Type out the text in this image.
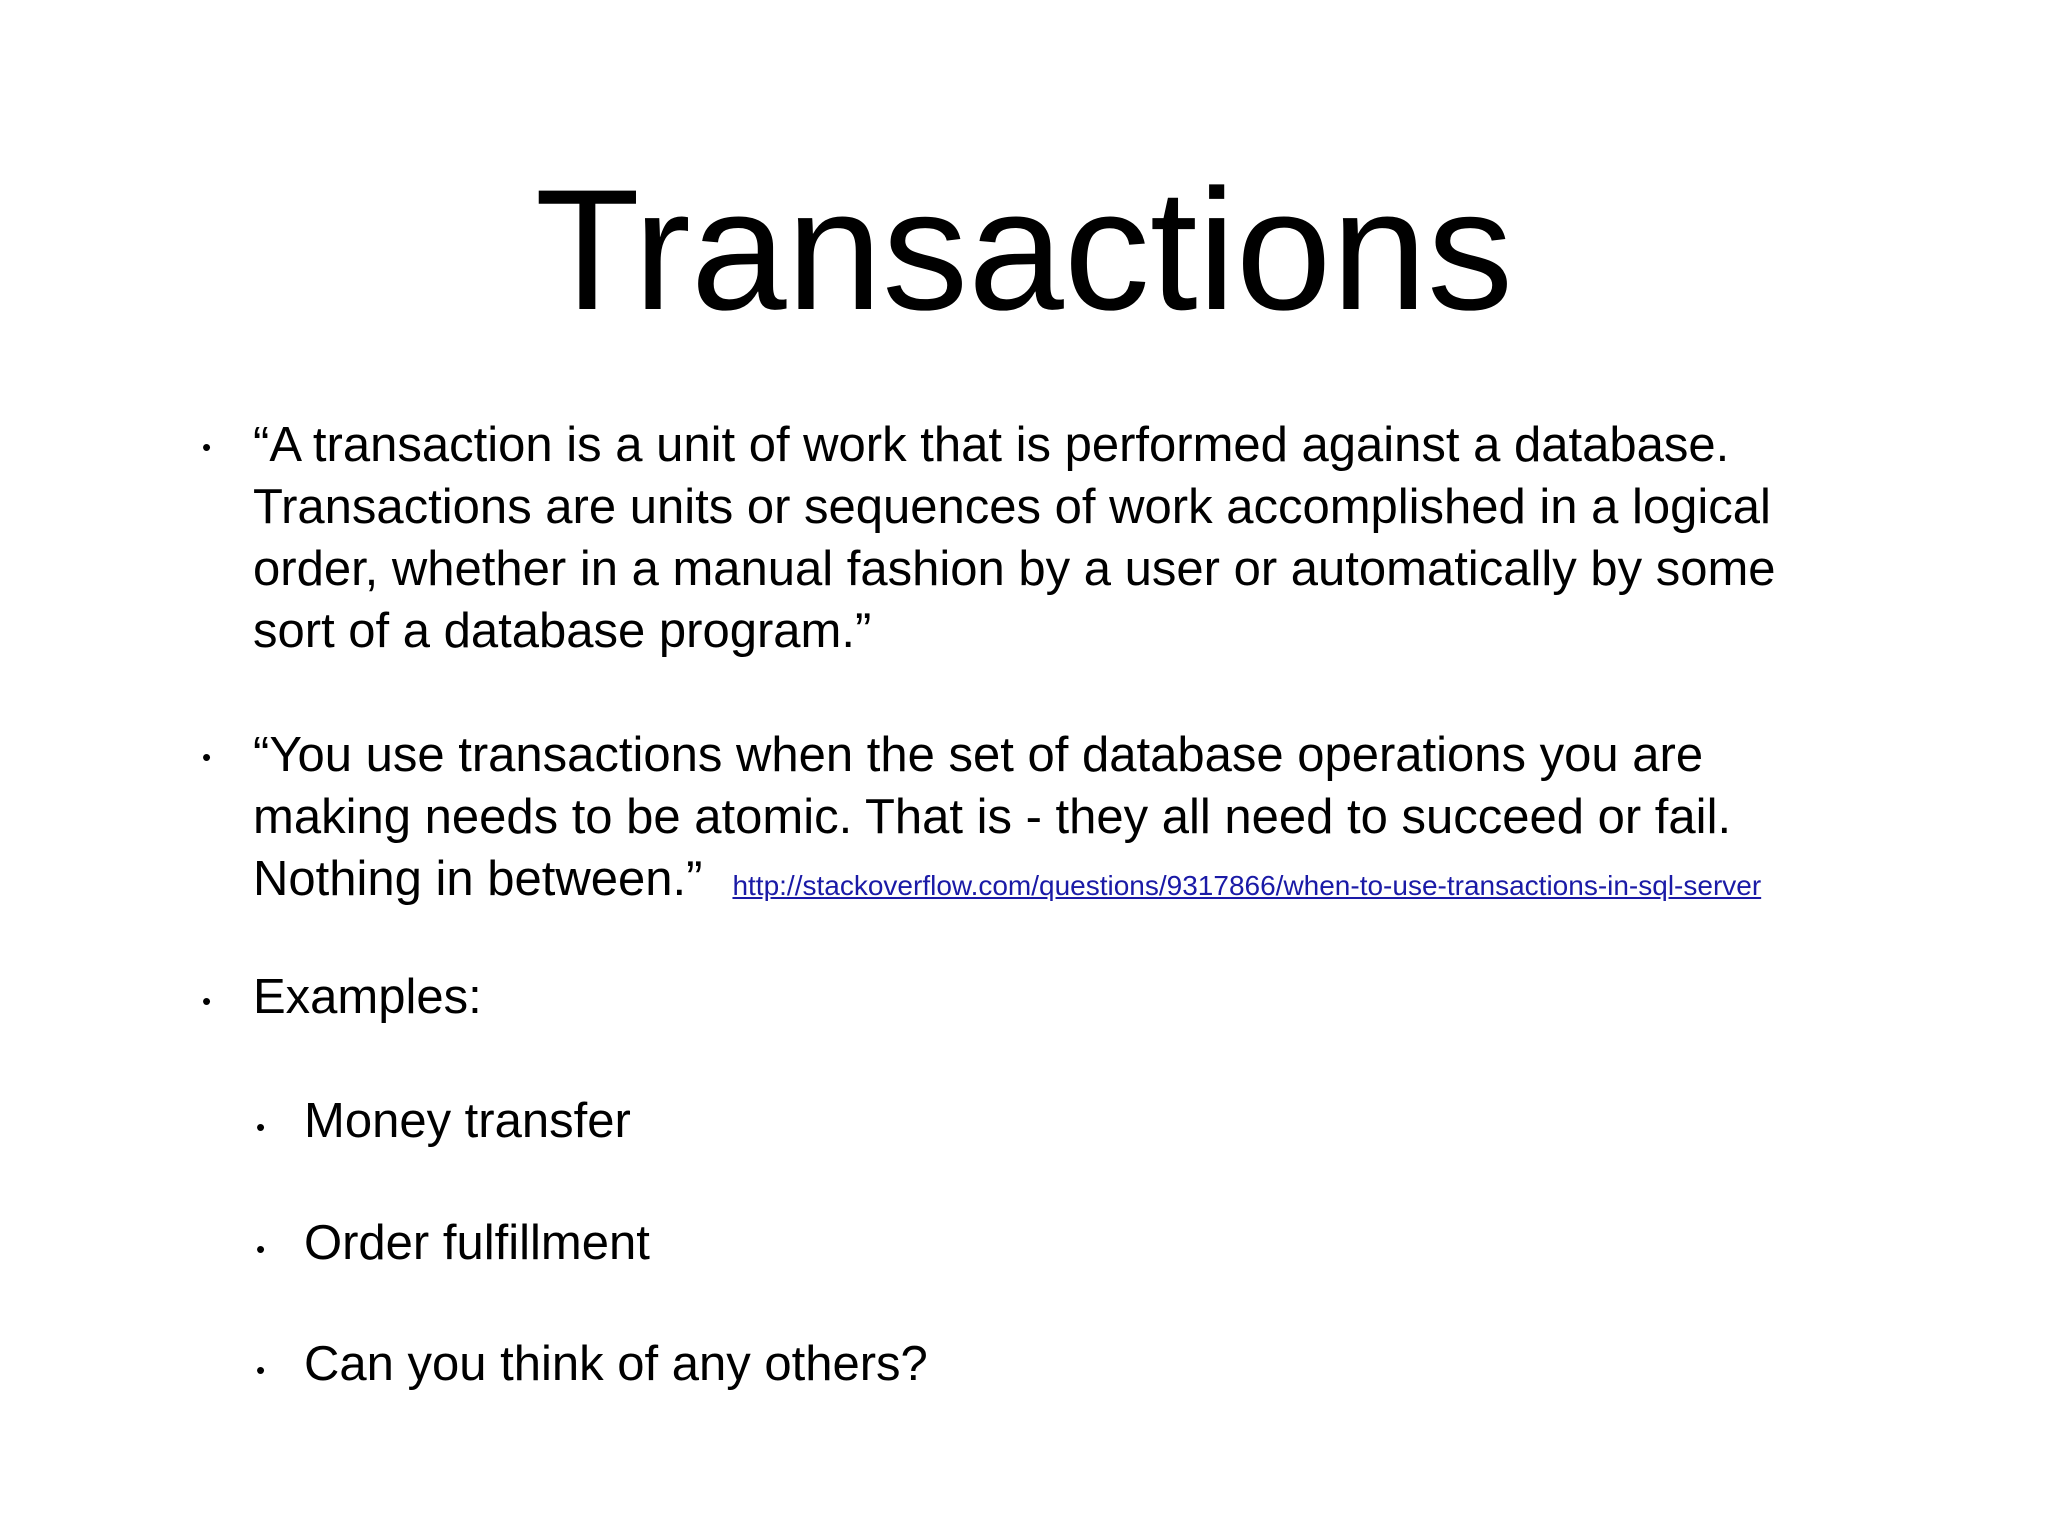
Transactions
• “A transaction is a unit of work that is performed against a database.
Transactions are units or sequences of work accomplished in a logical
order, whether in a manual fashion by a user or automatically by some
sort of a database program.”
• “You use transactions when the set of database operations you are
making needs to be atomic. That is - they all need to succeed or fail.
Nothing in between.” http://stackoverflow.com/questions/9317866/when-to-use-transactions-in-sql-server
• Examples:
• Money transfer
• Order fulfillment
• Can you think of any others?
